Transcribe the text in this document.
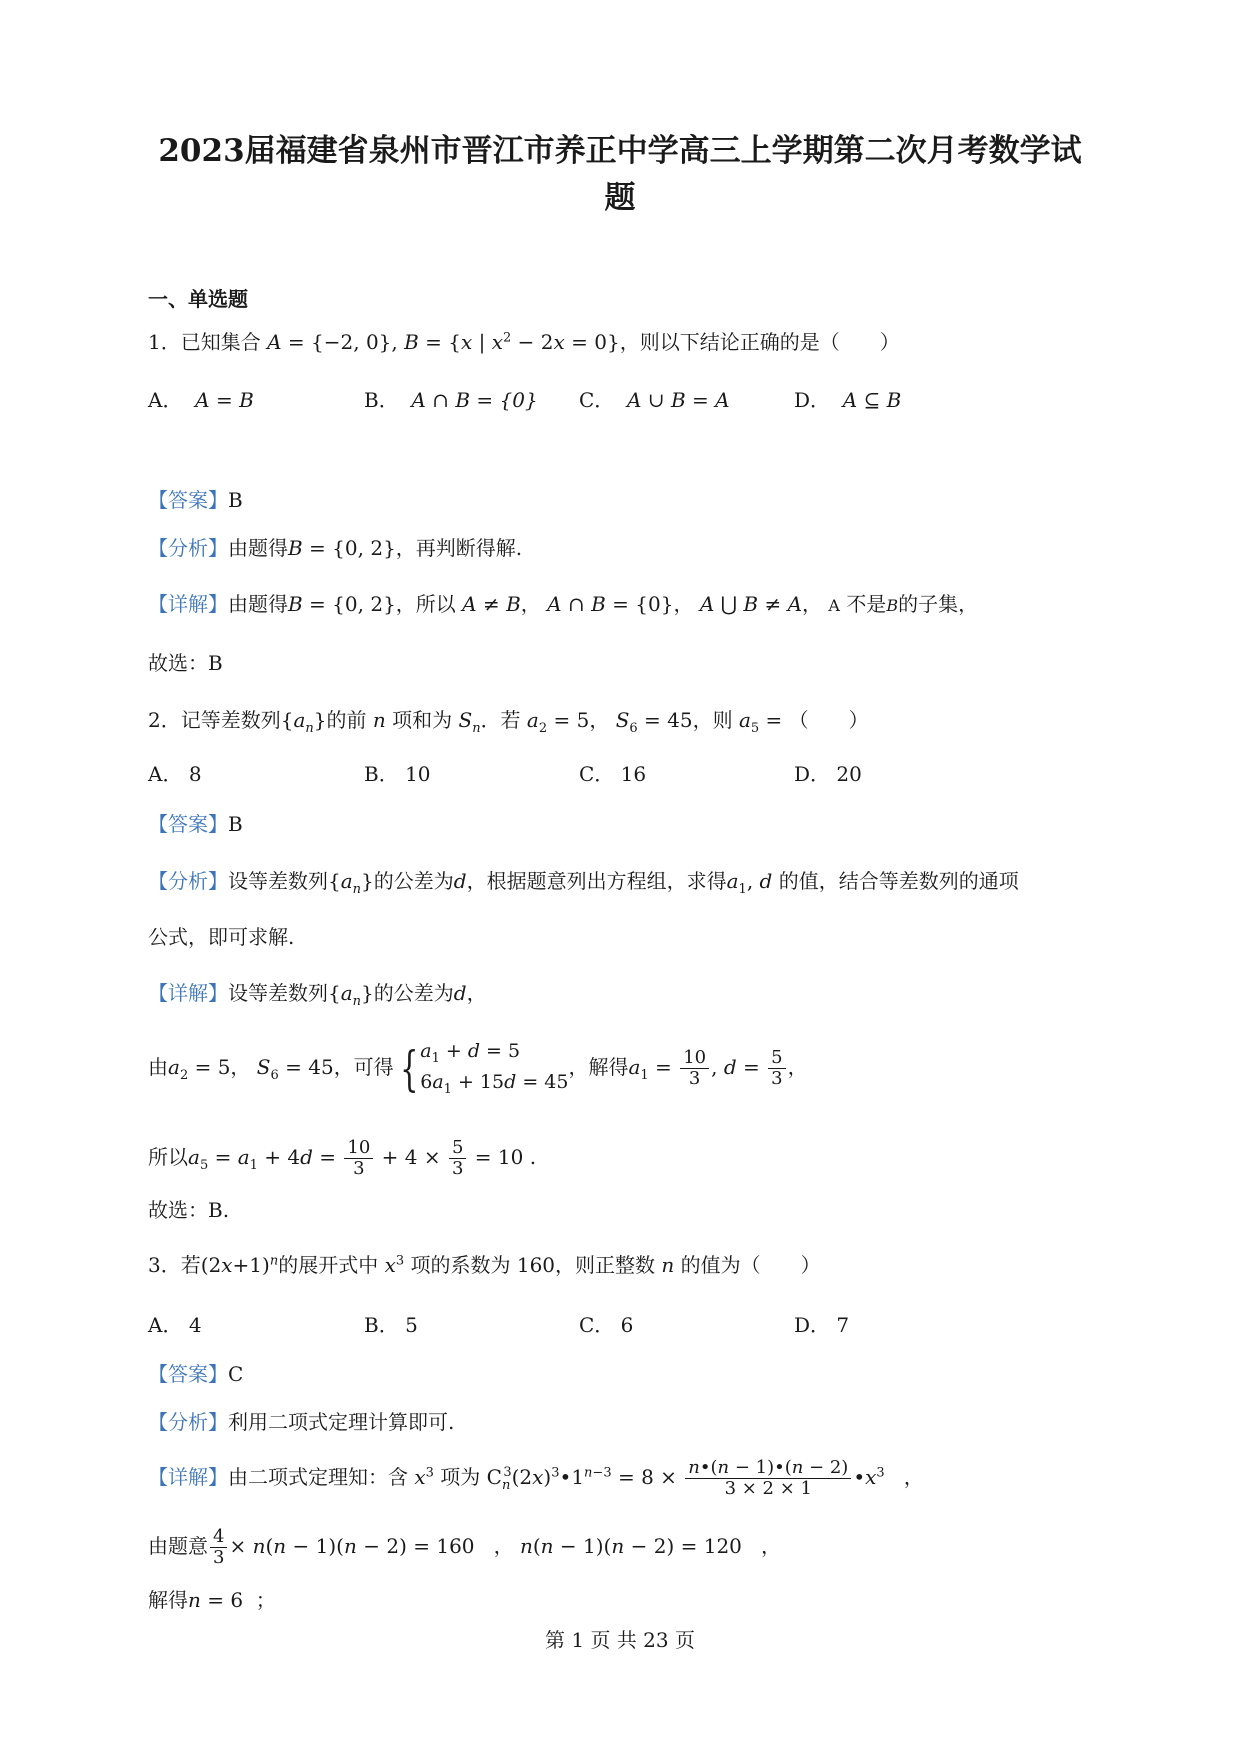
2023届福建省泉州市晋江市养正中学高三上学期第二次月考数学试
题
一、单选题
1．已知集合 A = {−2, 0}, B = {x | $x^2 - 2x = 0$}，则以下结论正确的是（　　）
A． A = B	B． A ∩ B = {0} C． A ∪ B = A	D． A ⊆ B
【答案】B
【分析】由题得B = {0, 2}，再判断得解.
【详解】由题得B = {0, 2}，所以 A ≠ B， A ∩ B = {0}， A ⋃ B ≠ A， A 不是B的子集，
故选：B
2．记等差数列$\{a_n\}$的前 n 项和为 $S_n$．若 $a_2 = 5$， $S_6 = 45$，则 $a_5$ = （　　）
A． 8	B． 10	C． 16	D． 20
【答案】B
【分析】设等差数列$\{a_n\}$的公差为d，根据题意列出方程组，求得$a_1$, d 的值，结合等差数列的通项
公式，即可求解.
【详解】设等差数列$\{a_n\}$的公差为d，
由$a_2 = 5$， $S_6 = 45$，可得 { $a_1 + d = 5$
$6a_1 + 15d = 45$
，解得$a_1 = \frac{10}{3}$ , $d = \frac{5}{3}$ ，
所以$a_5 = a_1 + 4d = \frac{10}{3} + 4 \times \frac{5}{3} = 10$ .
故选：B.
3．若$(2x+1)^n$的展开式中 $x^3$ 项的系数为 160，则正整数 n 的值为（　　）
A． 4	B． 5	C． 6	D． 7
【答案】C
【分析】利用二项式定理计算即可.
【详解】由二项式定理知：含 $x^3$ 项为 $C_n^3(2x)^3•1^{n-3} = 8 \times \frac{n•(n - 1)•(n - 2)}{3 \times 2 \times 1}$ $•x^3$   ，
由题意 $\frac{4}{3} \times n(n - 1)(n - 2) = 160$   ， n(n − 1)(n − 2) = 120   ，
解得n = 6  ；
第 1 页 共 23 页
